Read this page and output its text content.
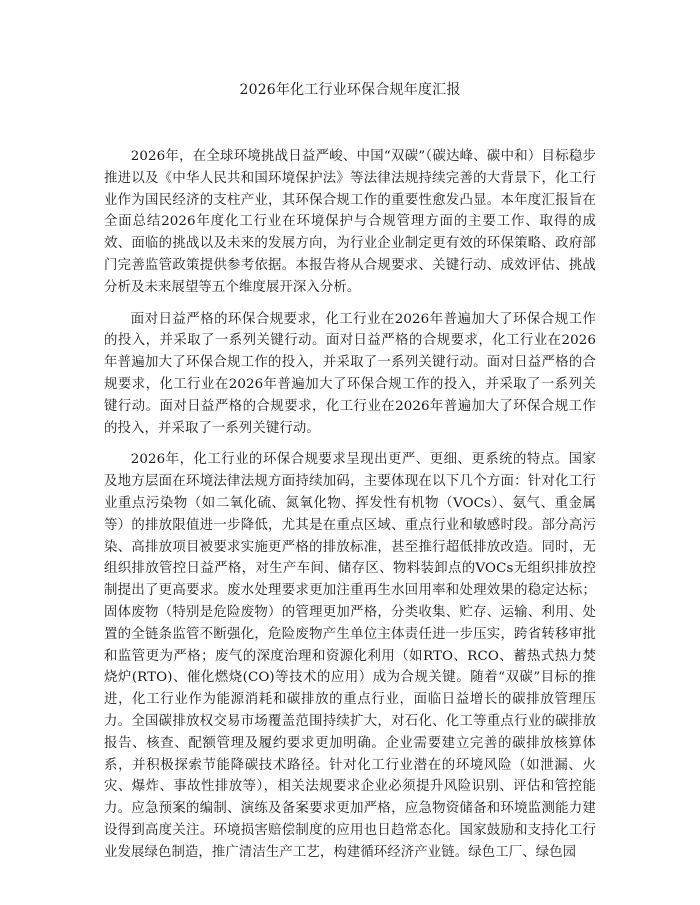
2026年化工行业环保合规年度汇报

2026年，在全球环境挑战日益严峻、中国“双碳”（碳达峰、碳中和）目标稳步推进以及《中华人民共和国环境保护法》等法律法规持续完善的大背景下，化工行业作为国民经济的支柱产业，其环保合规工作的重要性愈发凸显。本年度汇报旨在全面总结2026年度化工行业在环境保护与合规管理方面的主要工作、取得的成效、面临的挑战以及未来的发展方向，为行业企业制定更有效的环保策略、政府部门完善监管政策提供参考依据。本报告将从合规要求、关键行动、成效评估、挑战分析及未来展望等五个维度展开深入分析。

面对日益严格的环保合规要求，化工行业在2026年普遍加大了环保合规工作的投入，并采取了一系列关键行动。面对日益严格的合规要求，化工行业在2026年普遍加大了环保合规工作的投入，并采取了一系列关键行动。面对日益严格的合规要求，化工行业在2026年普遍加大了环保合规工作的投入，并采取了一系列关键行动。面对日益严格的合规要求，化工行业在2026年普遍加大了环保合规工作的投入，并采取了一系列关键行动。

2026年，化工行业的环保合规要求呈现出更严、更细、更系统的特点。国家及地方层面在环境法律法规方面持续加码，主要体现在以下几个方面：针对化工行业重点污染物（如二氧化硫、氮氧化物、挥发性有机物（VOCs）、氨气、重金属等）的排放限值进一步降低，尤其是在重点区域、重点行业和敏感时段。部分高污染、高排放项目被要求实施更严格的排放标准，甚至推行超低排放改造。同时，无组织排放管控日益严格，对生产车间、储存区、物料装卸点的VOCs无组织排放控制提出了更高要求。废水处理要求更加注重再生水回用率和处理效果的稳定达标；固体废物（特别是危险废物）的管理更加严格，分类收集、贮存、运输、利用、处置的全链条监管不断强化，危险废物产生单位主体责任进一步压实，跨省转移审批和监管更为严格；废气的深度治理和资源化利用（如RTO、RCO、蓄热式热力焚烧炉(RTO)、催化燃烧(CO)等技术的应用）成为合规关键。随着“双碳”目标的推进，化工行业作为能源消耗和碳排放的重点行业，面临日益增长的碳排放管理压力。全国碳排放权交易市场覆盖范围持续扩大，对石化、化工等重点行业的碳排放报告、核查、配额管理及履约要求更加明确。企业需要建立完善的碳排放核算体系，并积极探索节能降碳技术路径。针对化工行业潜在的环境风险（如泄漏、火灾、爆炸、事故性排放等），相关法规要求企业必须提升风险识别、评估和管控能力。应急预案的编制、演练及备案要求更加严格，应急物资储备和环境监测能力建设得到高度关注。环境损害赔偿制度的应用也日趋常态化。国家鼓励和支持化工行业发展绿色制造，推广清洁生产工艺，构建循环经济产业链。绿色工厂、绿色园
